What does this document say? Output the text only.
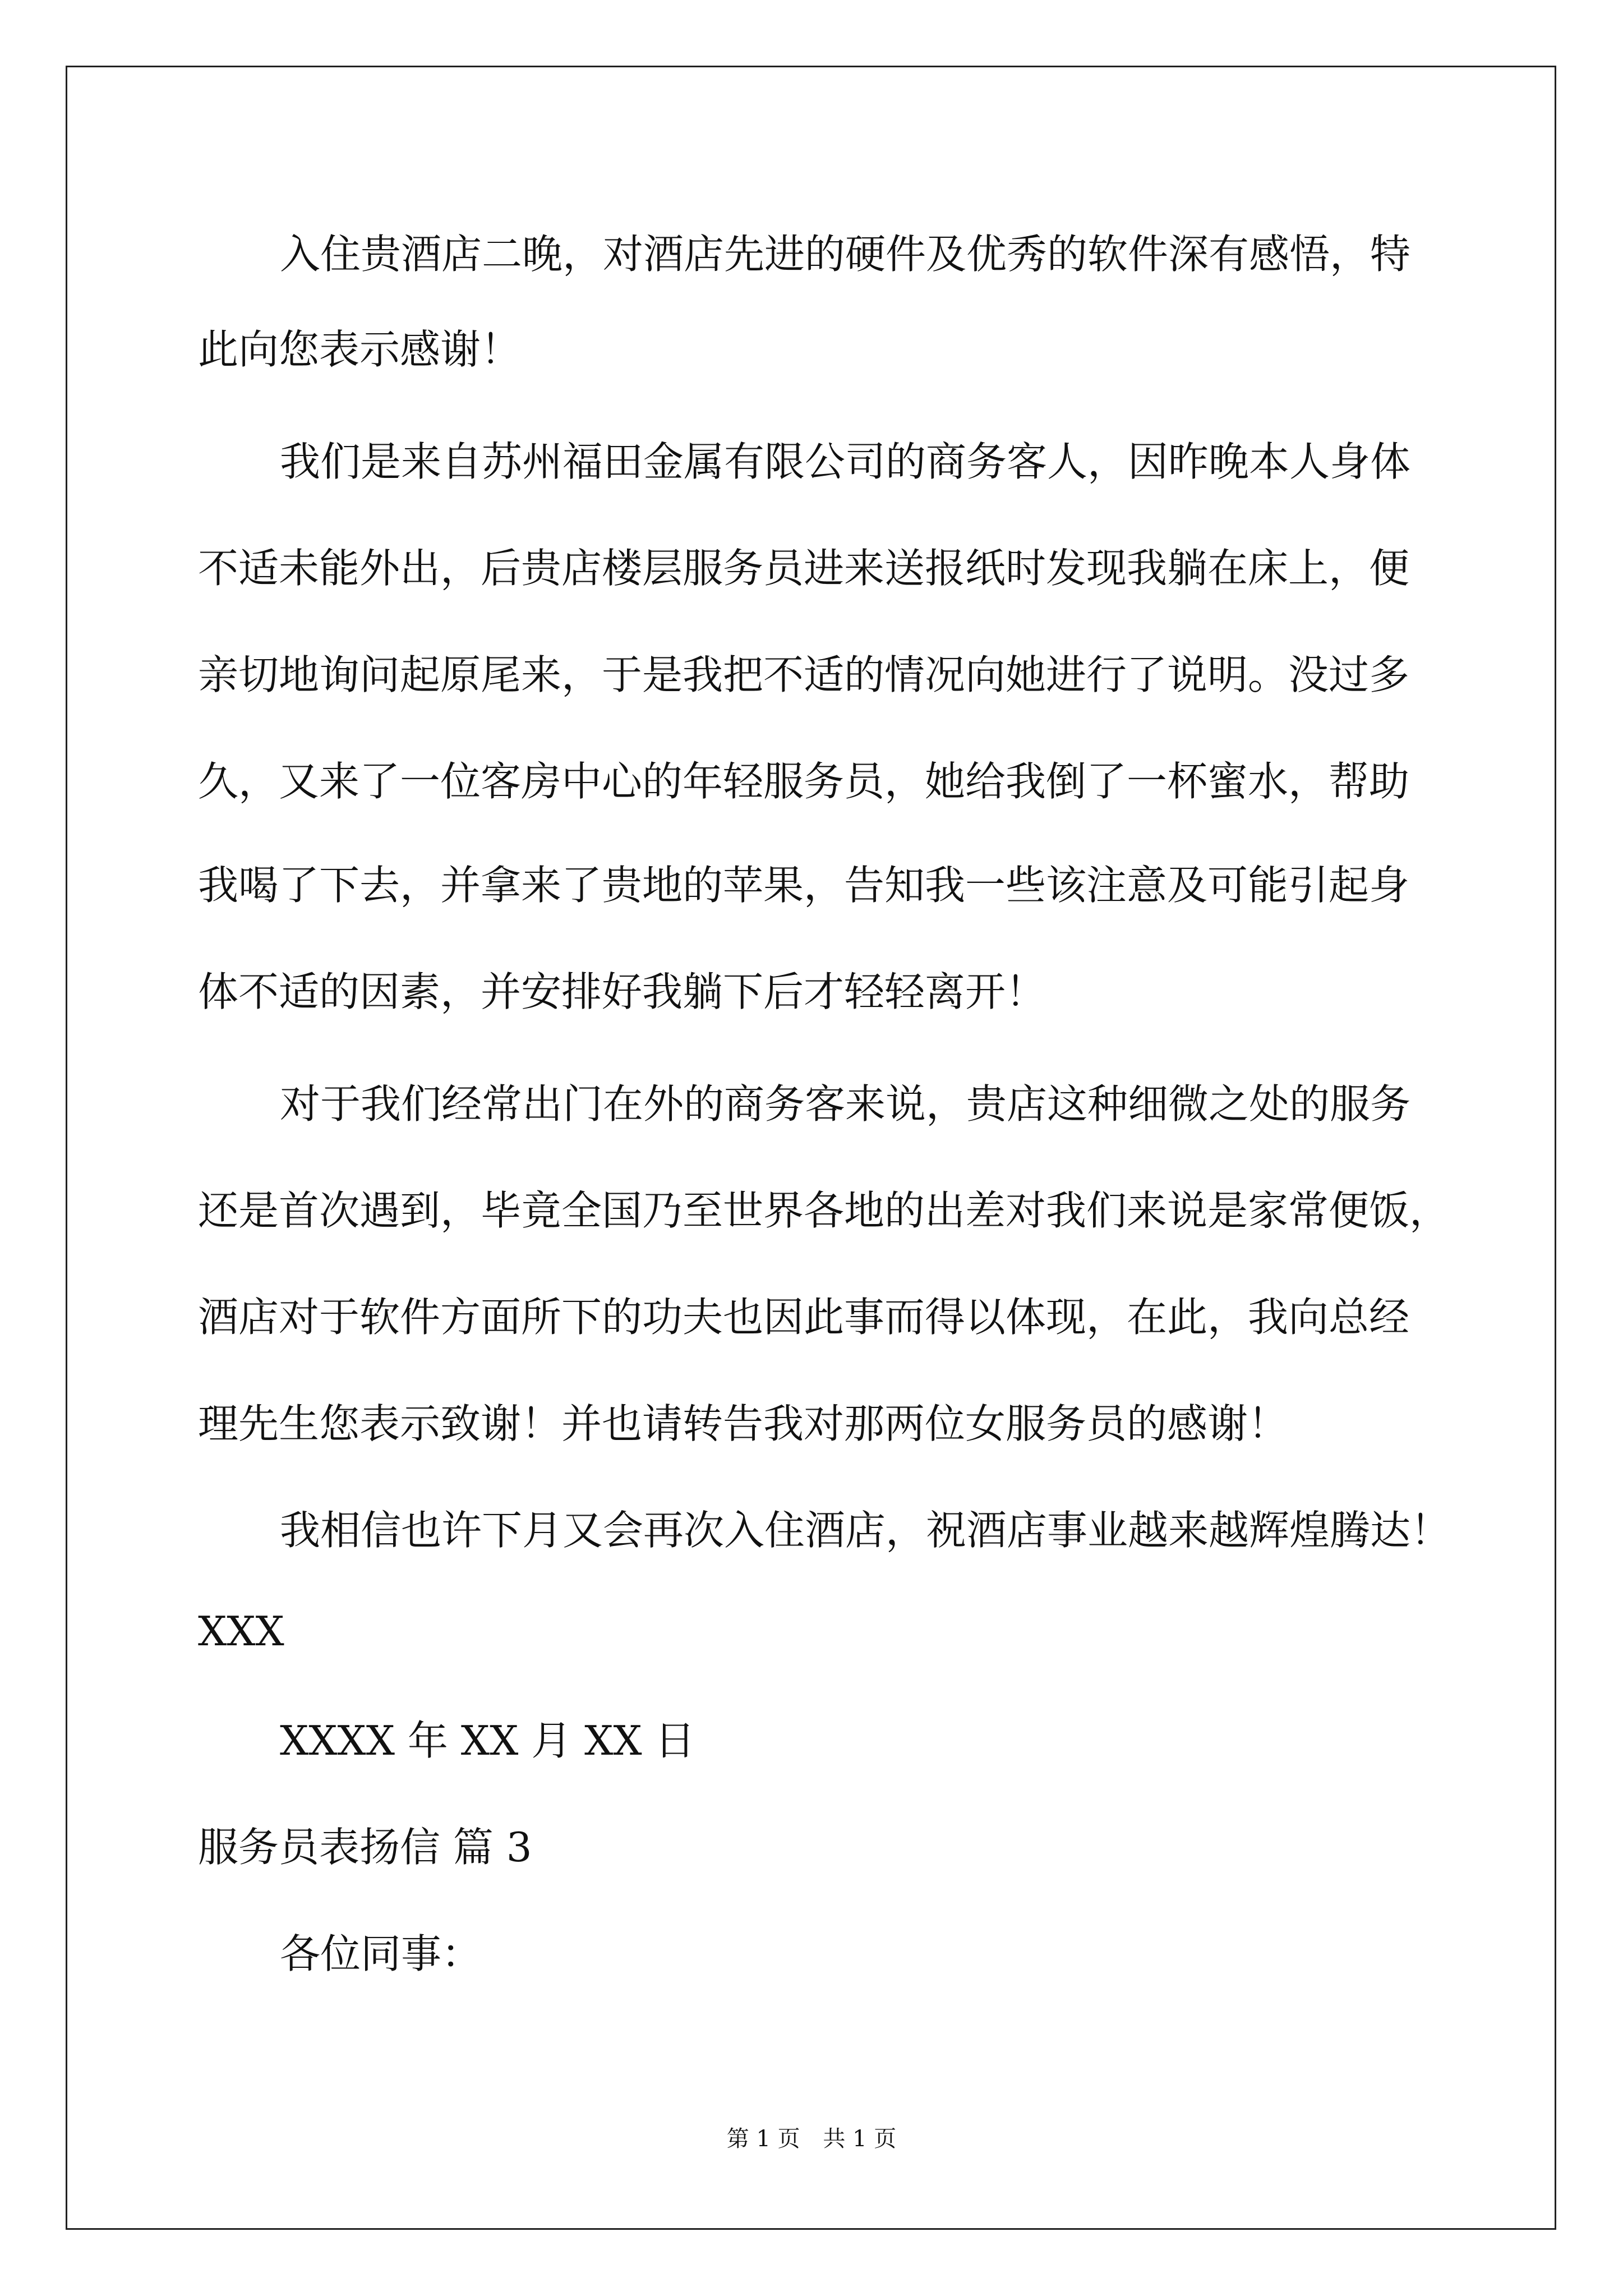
入住贵酒店二晚，对酒店先进的硬件及优秀的软件深有感悟，特
此向您表示感谢！
我们是来自苏州福田金属有限公司的商务客人，因昨晚本人身体
不适未能外出，后贵店楼层服务员进来送报纸时发现我躺在床上，便
亲切地询问起原尾来，于是我把不适的情况向她进行了说明。没过多
久，又来了一位客房中心的年轻服务员，她给我倒了一杯蜜水，帮助
我喝了下去，并拿来了贵地的苹果，告知我一些该注意及可能引起身
体不适的因素，并安排好我躺下后才轻轻离开！
对于我们经常出门在外的商务客来说，贵店这种细微之处的服务
还是首次遇到，毕竟全国乃至世界各地的出差对我们来说是家常便饭，
酒店对于软件方面所下的功夫也因此事而得以体现，在此，我向总经
理先生您表示致谢！并也请转告我对那两位女服务员的感谢！
我相信也许下月又会再次入住酒店，祝酒店事业越来越辉煌腾达！
XXX
XXXX 年 XX 月 XX 日
服务员表扬信 篇 3
各位同事：
第 1 页 共 1 页
